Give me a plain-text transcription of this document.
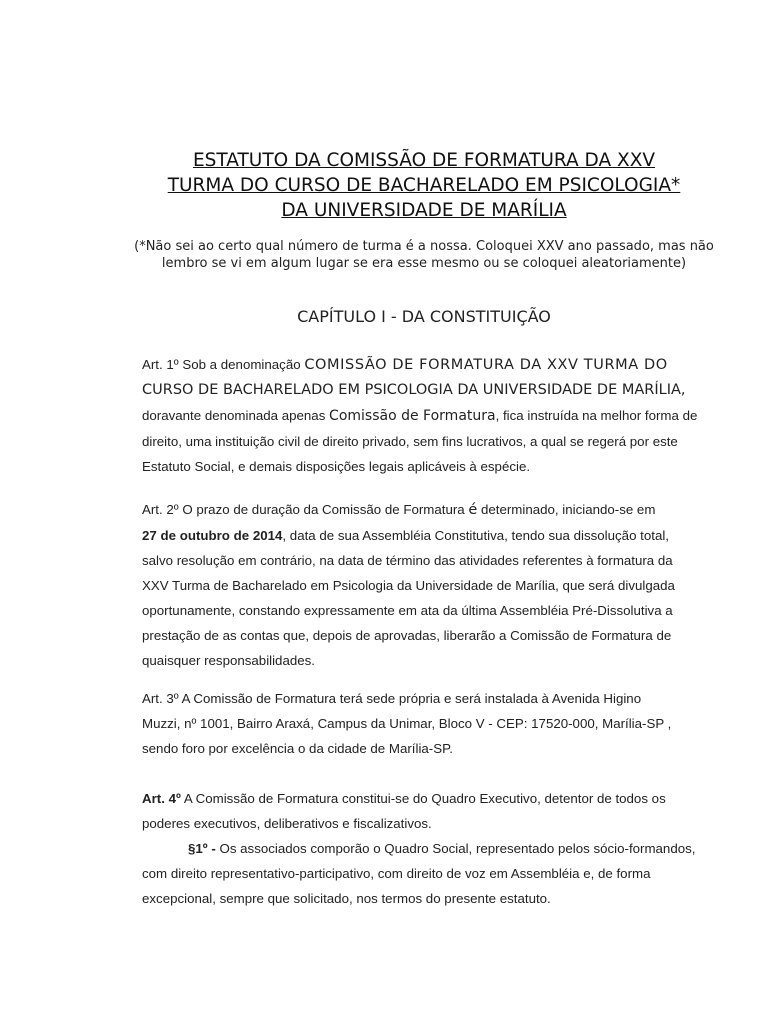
ESTATUTO DA COMISSÃO DE FORMATURA DA XXV
TURMA DO CURSO DE BACHARELADO EM PSICOLOGIA*
DA UNIVERSIDADE DE MARÍLIA
(*Não sei ao certo qual número de turma é a nossa. Coloquei XXV ano passado, mas não
lembro se vi em algum lugar se era esse mesmo ou se coloquei aleatoriamente)
CAPÍTULO I - DA CONSTITUIÇÃO
Art. 1º Sob a denominação COMISSÃO DE FORMATURA DA XXV TURMA DO
CURSO DE BACHARELADO EM PSICOLOGIA DA UNIVERSIDADE DE MARÍLIA,
doravante denominada apenas Comissão de Formatura, fica instruída na melhor forma de
direito, uma instituição civil de direito privado, sem fins lucrativos, a qual se regerá por este
Estatuto Social, e demais disposições legais aplicáveis à espécie.
Art. 2º O prazo de duração da Comissão de Formatura é determinado, iniciando-se em
27 de outubro de 2014, data de sua Assembléia Constitutiva, tendo sua dissolução total,
salvo resolução em contrário, na data de término das atividades referentes à formatura da
XXV Turma de Bacharelado em Psicologia da Universidade de Marília, que será divulgada
oportunamente, constando expressamente em ata da última Assembléia Pré-Dissolutiva a
prestação de as contas que, depois de aprovadas, liberarão a Comissão de Formatura de
quaisquer responsabilidades.
Art. 3º A Comissão de Formatura terá sede própria e será instalada à Avenida Higino
Muzzi, nº 1001, Bairro Araxá, Campus da Unimar, Bloco V - CEP: 17520-000, Marília-SP ,
sendo foro por excelência o da cidade de Marília-SP.
Art. 4º A Comissão de Formatura constitui-se do Quadro Executivo, detentor de todos os
poderes executivos, deliberativos e fiscalizativos.
§1º - Os associados comporão o Quadro Social, representado pelos sócio-formandos,
com direito representativo-participativo, com direito de voz em Assembléia e, de forma
excepcional, sempre que solicitado, nos termos do presente estatuto.
